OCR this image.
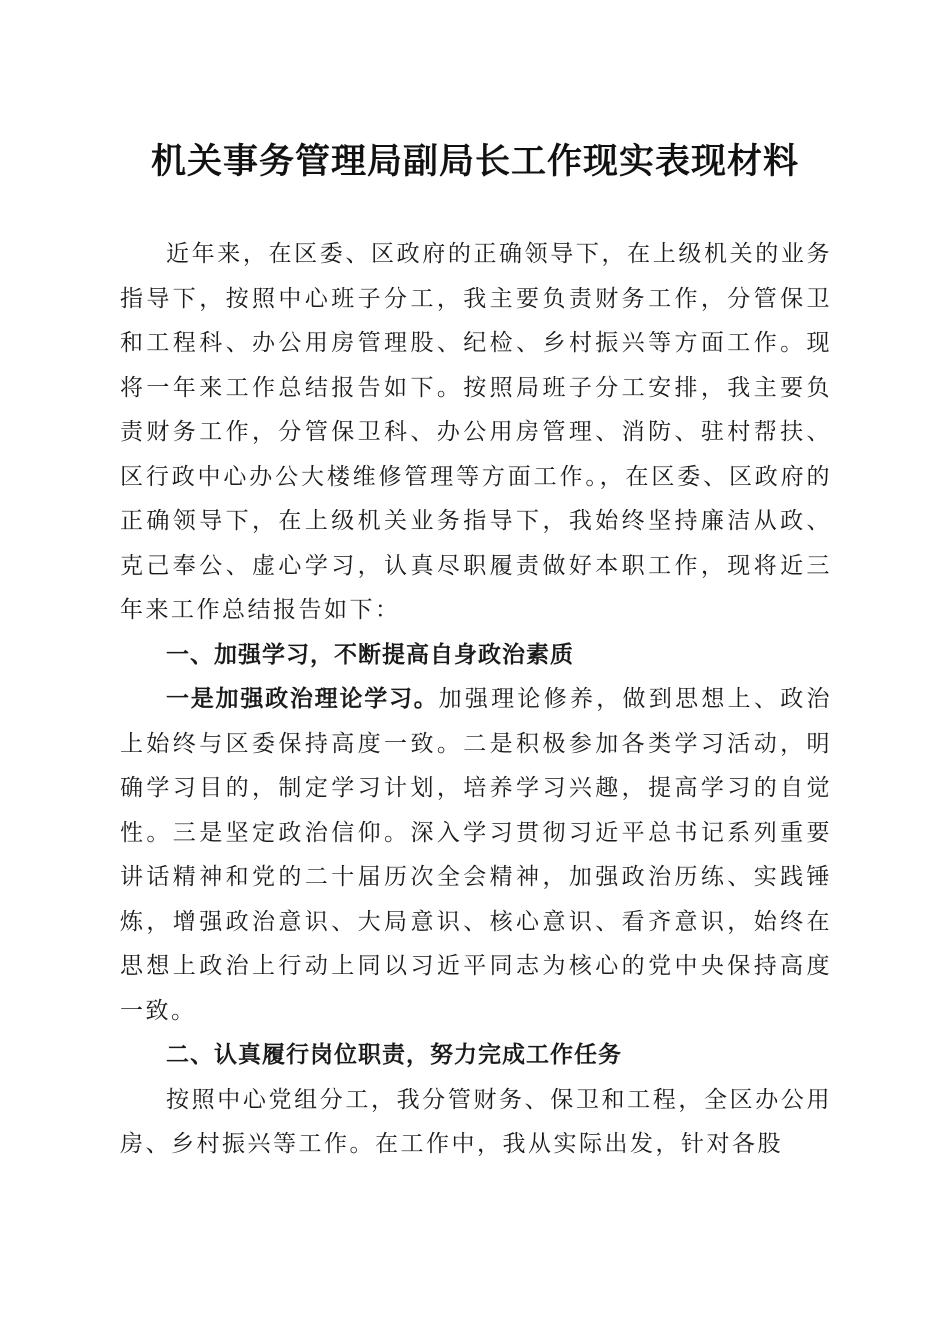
机关事务管理局副局长工作现实表现材料

近年来，在区委、区政府的正确领导下，在上级机关的业务指导下，按照中心班子分工，我主要负责财务工作，分管保卫和工程科、办公用房管理股、纪检、乡村振兴等方面工作。现将一年来工作总结报告如下。按照局班子分工安排，我主要负责财务工作，分管保卫科、办公用房管理、消防、驻村帮扶、区行政中心办公大楼维修管理等方面工作。，在区委、区政府的正确领导下，在上级机关业务指导下，我始终坚持廉洁从政、克己奉公、虚心学习，认真尽职履责做好本职工作，现将近三年来工作总结报告如下：

一、加强学习，不断提高自身政治素质

一是加强政治理论学习。加强理论修养，做到思想上、政治上始终与区委保持高度一致。二是积极参加各类学习活动，明确学习目的，制定学习计划，培养学习兴趣，提高学习的自觉性。三是坚定政治信仰。深入学习贯彻习近平总书记系列重要讲话精神和党的二十届历次全会精神，加强政治历练、实践锤炼，增强政治意识、大局意识、核心意识、看齐意识，始终在思想上政治上行动上同以习近平同志为核心的党中央保持高度一致。

二、认真履行岗位职责，努力完成工作任务

按照中心党组分工，我分管财务、保卫和工程，全区办公用房、乡村振兴等工作。在工作中，我从实际出发，针对各股
